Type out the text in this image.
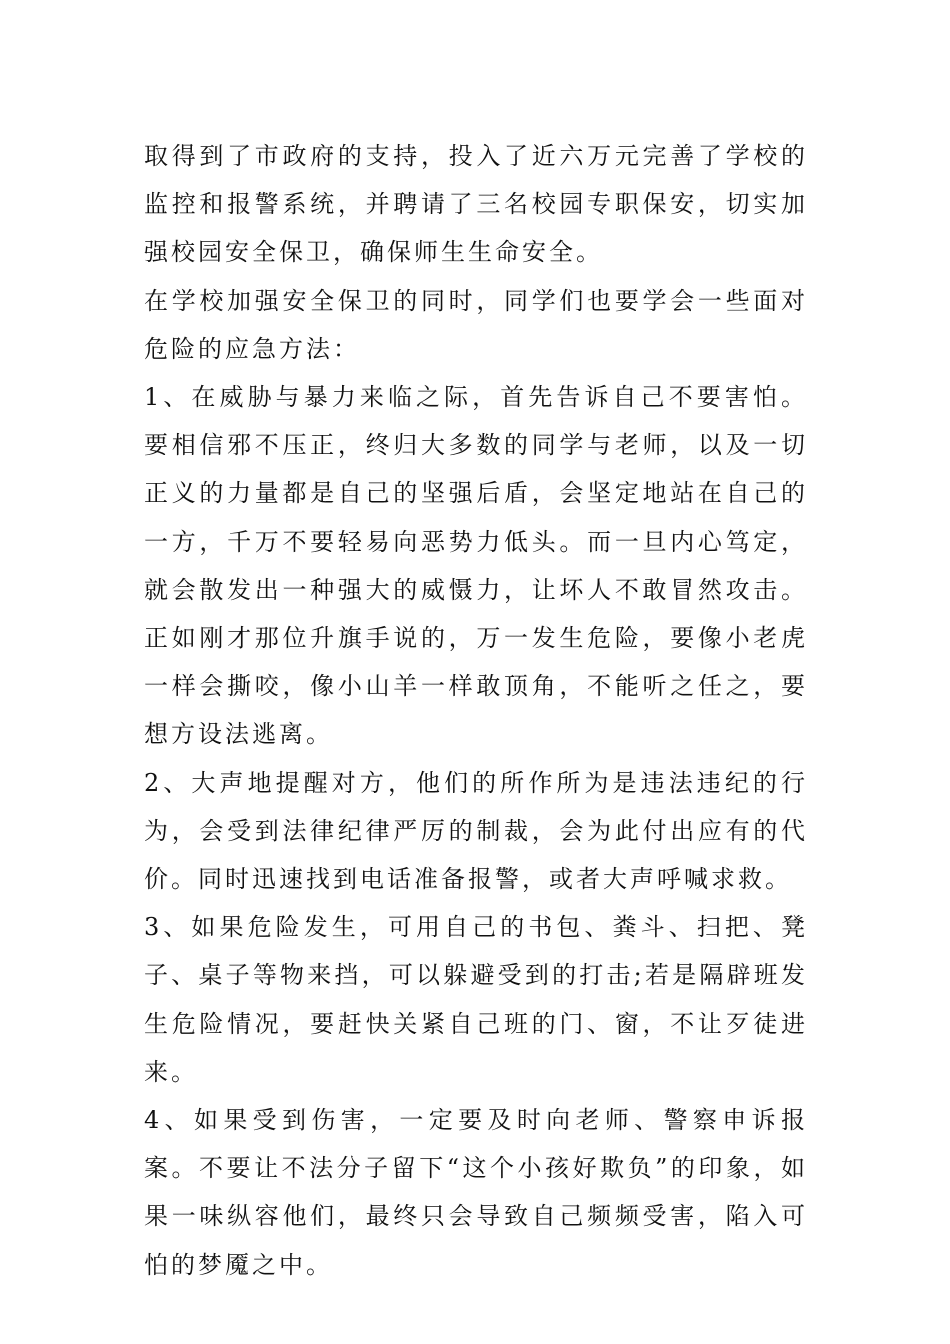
取得到了市政府的支持，投入了近六万元完善了学校的监控和报警系统，并聘请了三名校园专职保安，切实加强校园安全保卫，确保师生生命安全。

在学校加强安全保卫的同时，同学们也要学会一些面对危险的应急方法：

1、在威胁与暴力来临之际，首先告诉自己不要害怕。要相信邪不压正，终归大多数的同学与老师，以及一切正义的力量都是自己的坚强后盾，会坚定地站在自己的一方，千万不要轻易向恶势力低头。而一旦内心笃定，就会散发出一种强大的威慑力，让坏人不敢冒然攻击。正如刚才那位升旗手说的，万一发生危险，要像小老虎一样会撕咬，像小山羊一样敢顶角，不能听之任之，要想方设法逃离。

2、大声地提醒对方，他们的所作所为是违法违纪的行为，会受到法律纪律严厉的制裁，会为此付出应有的代价。同时迅速找到电话准备报警，或者大声呼喊求救。

3、如果危险发生，可用自己的书包、粪斗、扫把、凳子、桌子等物来挡，可以躲避受到的打击;若是隔辟班发生危险情况，要赶快关紧自己班的门、窗，不让歹徒进来。

4、如果受到伤害，一定要及时向老师、警察申诉报案。不要让不法分子留下“这个小孩好欺负”的印象，如果一味纵容他们，最终只会导致自己频频受害，陷入可怕的梦魇之中。
